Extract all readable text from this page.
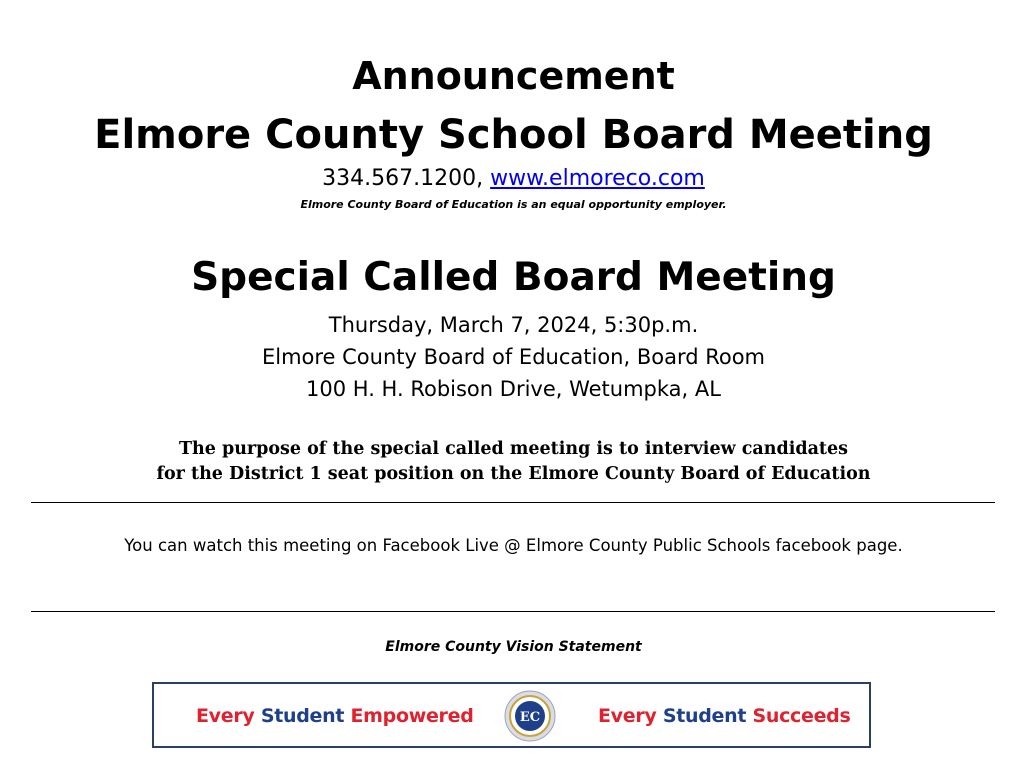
Announcement
Elmore County School Board Meeting
334.567.1200, www.elmoreco.com
Elmore County Board of Education is an equal opportunity employer.
Special Called Board Meeting
Thursday, March 7, 2024, 5:30p.m.
Elmore County Board of Education, Board Room
100 H. H. Robison Drive, Wetumpka, AL
The purpose of the special called meeting is to interview candidates
for the District 1 seat position on the Elmore County Board of Education
You can watch this meeting on Facebook Live @ Elmore County Public Schools facebook page.
Elmore County Vision Statement
Every Student Empowered	EC	Every Student Succeeds
